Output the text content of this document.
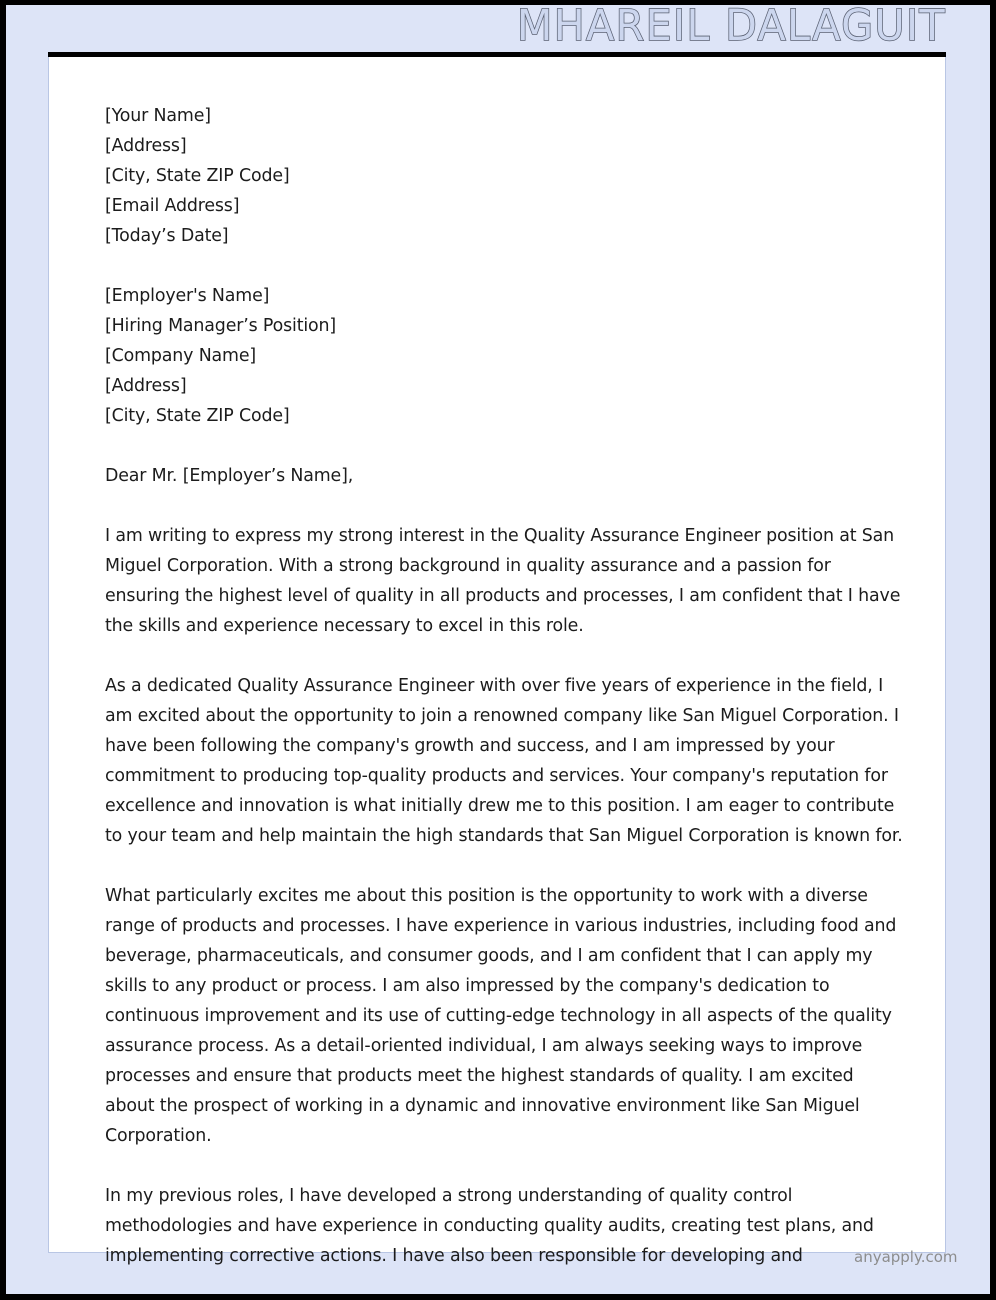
MHAREIL DALAGUIT
[Your Name]
[Address]
[City, State ZIP Code]
[Email Address]
[Today’s Date]
[Employer's Name]
[Hiring Manager’s Position]
[Company Name]
[Address]
[City, State ZIP Code]

Dear Mr. [Employer’s Name],

I am writing to express my strong interest in the Quality Assurance Engineer position at San Miguel Corporation. With a strong background in quality assurance and a passion for ensuring the highest level of quality in all products and processes, I am confident that I have the skills and experience necessary to excel in this role.

As a dedicated Quality Assurance Engineer with over five years of experience in the field, I am excited about the opportunity to join a renowned company like San Miguel Corporation. I have been following the company's growth and success, and I am impressed by your commitment to producing top-quality products and services. Your company's reputation for excellence and innovation is what initially drew me to this position. I am eager to contribute to your team and help maintain the high standards that San Miguel Corporation is known for.

What particularly excites me about this position is the opportunity to work with a diverse range of products and processes. I have experience in various industries, including food and beverage, pharmaceuticals, and consumer goods, and I am confident that I can apply my skills to any product or process. I am also impressed by the company's dedication to continuous improvement and its use of cutting-edge technology in all aspects of the quality assurance process. As a detail-oriented individual, I am always seeking ways to improve processes and ensure that products meet the highest standards of quality. I am excited about the prospect of working in a dynamic and innovative environment like San Miguel Corporation.

In my previous roles, I have developed a strong understanding of quality control methodologies and have experience in conducting quality audits, creating test plans, and implementing corrective actions. I have also been responsible for developing and	anyapply.com
